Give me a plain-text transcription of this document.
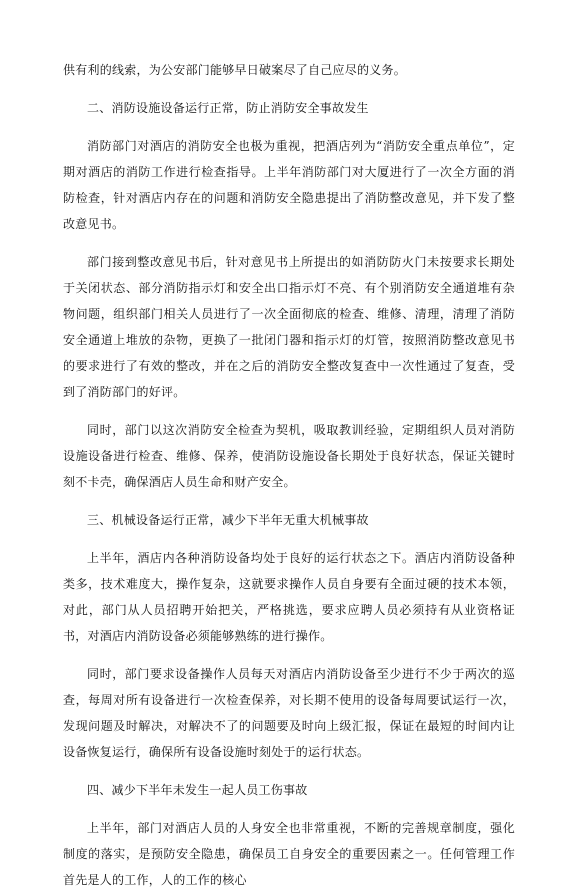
供有利的线索，为公安部门能够早日破案尽了自己应尽的义务。

二、消防设施设备运行正常，防止消防安全事故发生

消防部门对酒店的消防安全也极为重视，把酒店列为“消防安全重点单位”，定期对酒店的消防工作进行检查指导。上半年消防部门对大厦进行了一次全方面的消防检查，针对酒店内存在的问题和消防安全隐患提出了消防整改意见，并下发了整改意见书。

部门接到整改意见书后，针对意见书上所提出的如消防防火门未按要求长期处于关闭状态、部分消防指示灯和安全出口指示灯不亮、有个别消防安全通道堆有杂物问题，组织部门相关人员进行了一次全面彻底的检查、维修、清理，清理了消防安全通道上堆放的杂物，更换了一批闭门器和指示灯的灯管，按照消防整改意见书的要求进行了有效的整改，并在之后的消防安全整改复查中一次性通过了复查，受到了消防部门的好评。

同时，部门以这次消防安全检查为契机，吸取教训经验，定期组织人员对消防设施设备进行检查、维修、保养，使消防设施设备长期处于良好状态，保证关键时刻不卡壳，确保酒店人员生命和财产安全。

三、机械设备运行正常，减少下半年无重大机械事故

上半年，酒店内各种消防设备均处于良好的运行状态之下。酒店内消防设备种类多，技术难度大，操作复杂，这就要求操作人员自身要有全面过硬的技术本领，对此，部门从人员招聘开始把关，严格挑选，要求应聘人员必须持有从业资格证书，对酒店内消防设备必须能够熟练的进行操作。

同时，部门要求设备操作人员每天对酒店内消防设备至少进行不少于两次的巡查，每周对所有设备进行一次检查保养，对长期不使用的设备每周要试运行一次，发现问题及时解决，对解决不了的问题要及时向上级汇报，保证在最短的时间内让设备恢复运行，确保所有设备设施时刻处于的运行状态。

四、减少下半年未发生一起人员工伤事故

上半年，部门对酒店人员的人身安全也非常重视，不断的完善规章制度，强化制度的落实，是预防安全隐患，确保员工自身安全的重要因素之一。任何管理工作首先是人的工作，人的工作的核心
